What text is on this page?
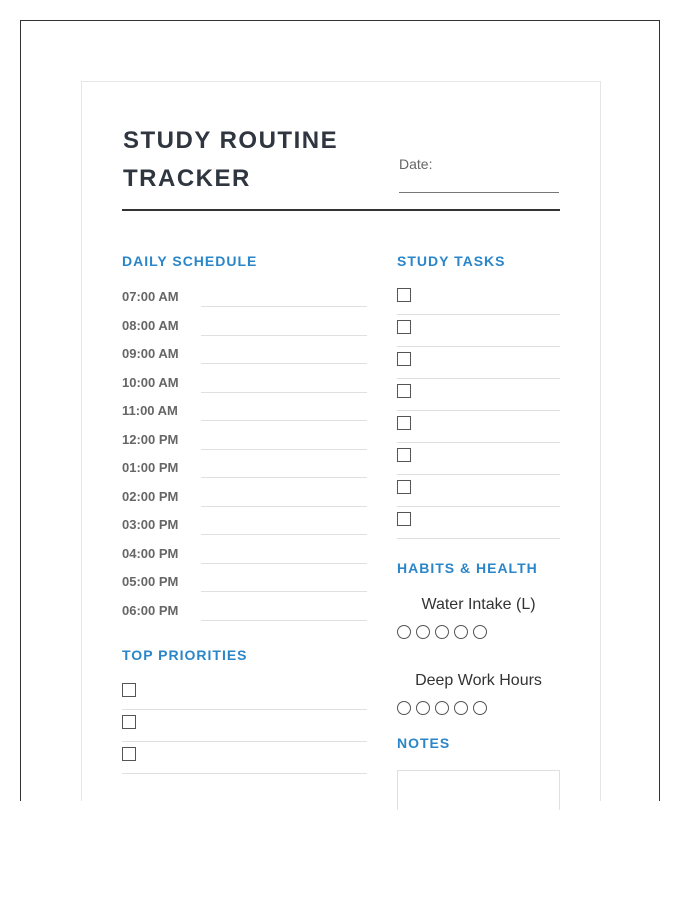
STUDY ROUTINE TRACKER
Date:
DAILY SCHEDULE
07:00 AM
08:00 AM
09:00 AM
10:00 AM
11:00 AM
12:00 PM
01:00 PM
02:00 PM
03:00 PM
04:00 PM
05:00 PM
06:00 PM
TOP PRIORITIES
STUDY TASKS
HABITS & HEALTH

Water Intake (L)

Deep Work Hours

NOTES
